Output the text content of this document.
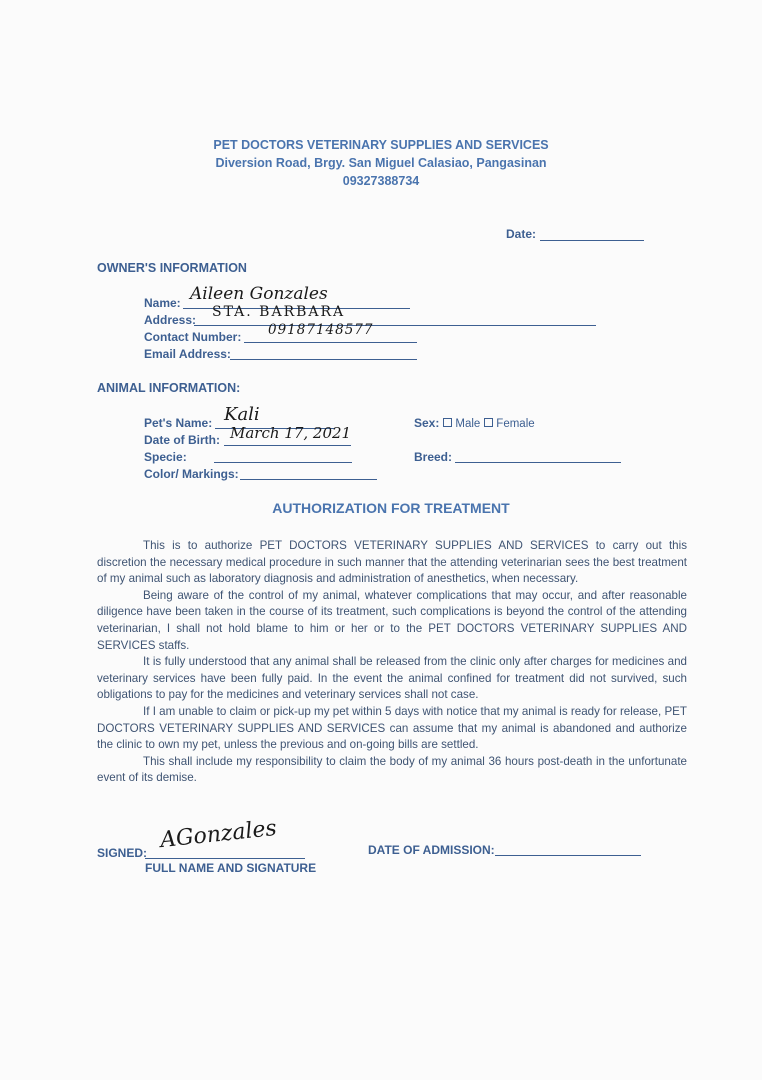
PET DOCTORS VETERINARY SUPPLIES AND SERVICES
Diversion Road, Brgy. San Miguel Calasiao, Pangasinan
09327388734
Date:
OWNER'S INFORMATION
Name: Aileen Gonzales
Address: STA. BARBARA
Contact Number: 09187148577
Email Address:
ANIMAL INFORMATION:
Pet's Name: Kali
Date of Birth: March 17, 2021
Specie:
Color/ Markings:
Sex: Male Female
Breed:
AUTHORIZATION FOR TREATMENT

This is to authorize PET DOCTORS VETERINARY SUPPLIES AND SERVICES to carry out this discretion the necessary medical procedure in such manner that the attending veterinarian sees the best treatment of my animal such as laboratory diagnosis and administration of anesthetics, when necessary.

Being aware of the control of my animal, whatever complications that may occur, and after reasonable diligence have been taken in the course of its treatment, such complications is beyond the control of the attending veterinarian, I shall not hold blame to him or her or to the PET DOCTORS VETERINARY SUPPLIES AND SERVICES staffs.

It is fully understood that any animal shall be released from the clinic only after charges for medicines and veterinary services have been fully paid. In the event the animal confined for treatment did not survived, such obligations to pay for the medicines and veterinary services shall not case.

If I am unable to claim or pick-up my pet within 5 days with notice that my animal is ready for release, PET DOCTORS VETERINARY SUPPLIES AND SERVICES can assume that my animal is abandoned and authorize the clinic to own my pet, unless the previous and on-going bills are settled.

This shall include my responsibility to claim the body of my animal 36 hours post-death in the unfortunate event of its demise.

SIGNED: AGonzales
FULL NAME AND SIGNATURE
DATE OF ADMISSION:
